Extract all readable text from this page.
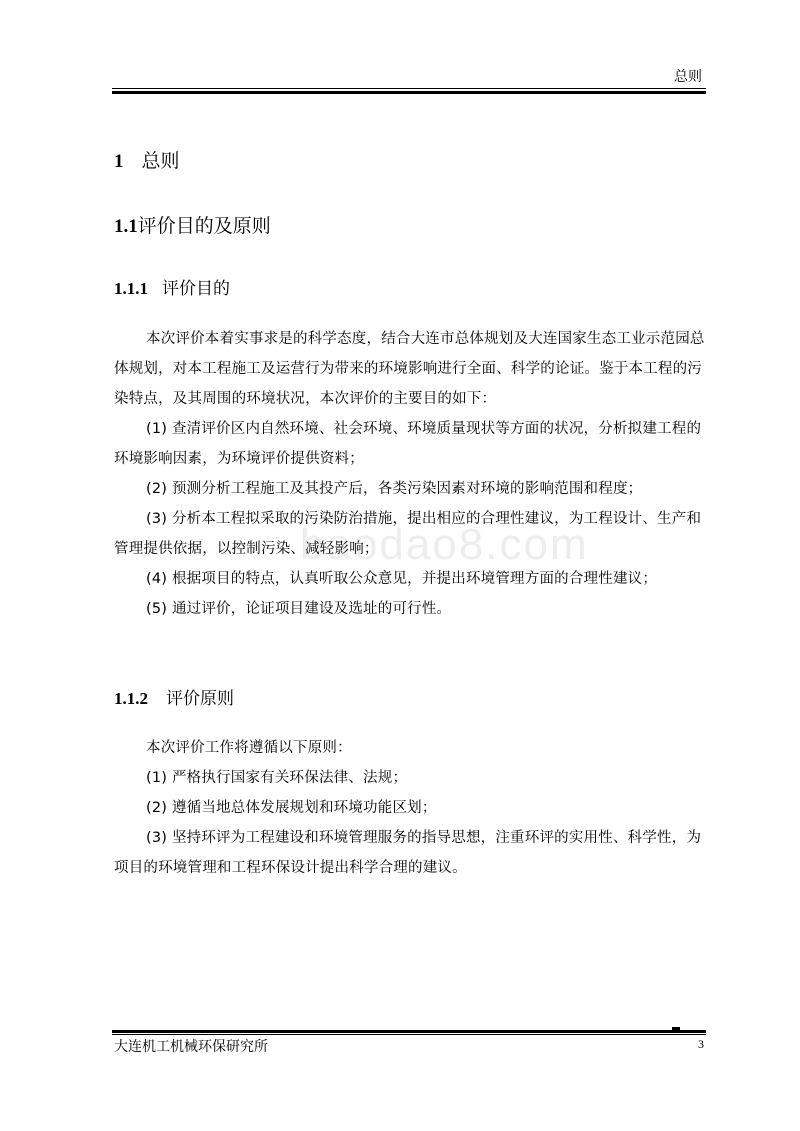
总则
1 总则
1.1评价目的及原则
1.1.1 评价目的
本次评价本着实事求是的科学态度，结合大连市总体规划及大连国家生态工业示范园总体规划，对本工程施工及运营行为带来的环境影响进行全面、科学的论证。鉴于本工程的污染特点，及其周围的环境状况，本次评价的主要目的如下：
(1) 查清评价区内自然环境、社会环境、环境质量现状等方面的状况，分析拟建工程的环境影响因素，为环境评价提供资料；
(2) 预测分析工程施工及其投产后，各类污染因素对环境的影响范围和程度；
(3) 分析本工程拟采取的污染防治措施，提出相应的合理性建议，为工程设计、生产和管理提供依据，以控制污染、减轻影响；
(4) 根据项目的特点，认真听取公众意见，并提出环境管理方面的合理性建议；
(5) 通过评价，论证项目建设及选址的可行性。
1.1.2 评价原则
本次评价工作将遵循以下原则：
(1) 严格执行国家有关环保法律、法规；
(2) 遵循当地总体发展规划和环境功能区划；
(3) 坚持环评为工程建设和环境管理服务的指导思想，注重环评的实用性、科学性，为项目的环境管理和工程环保设计提出科学合理的建议。
baodao8.com
大连机工机械环保研究所	3
